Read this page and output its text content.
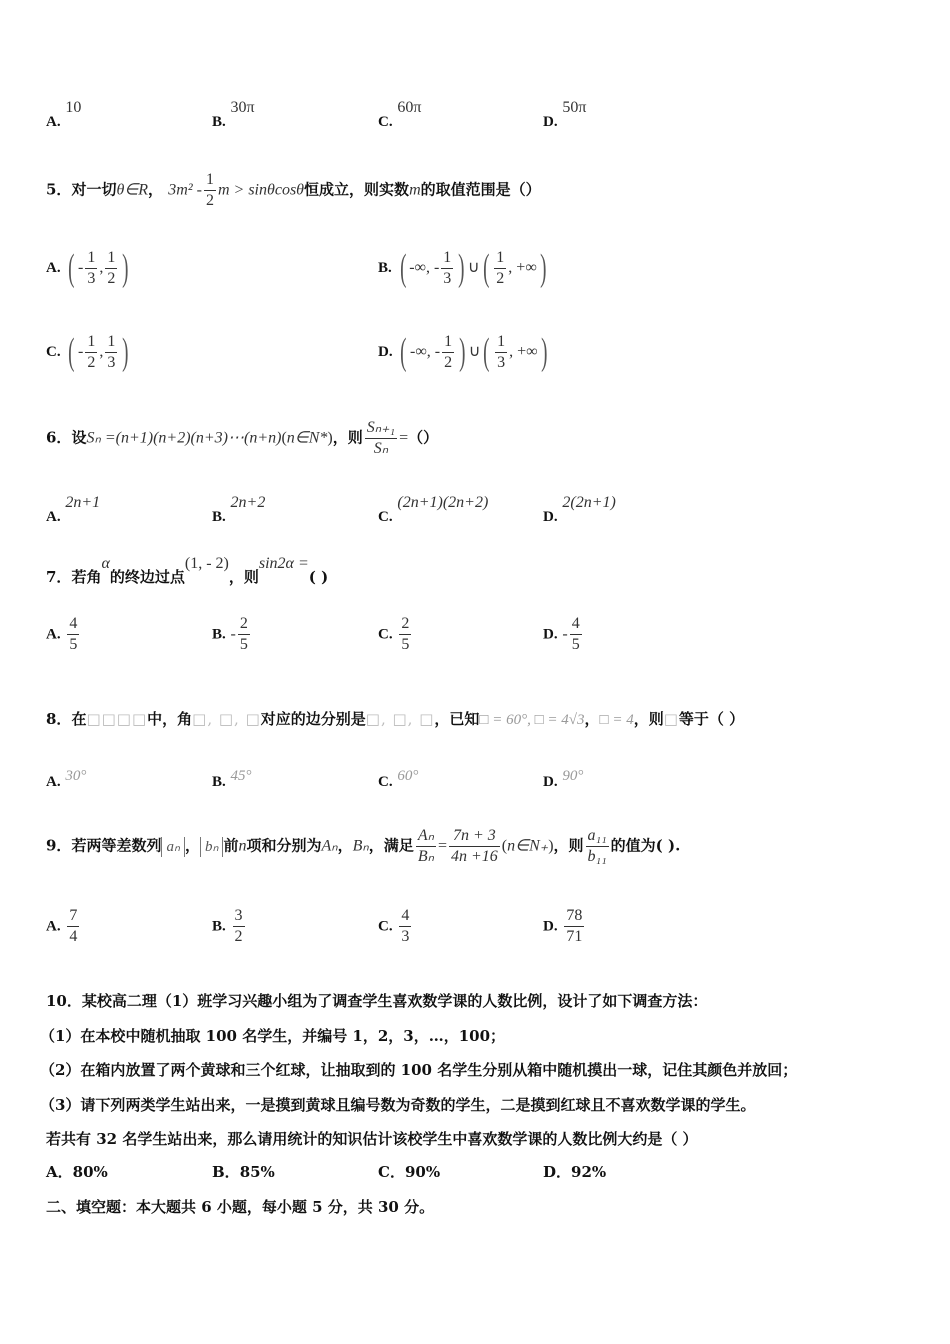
A. 10
B. 30π
C. 60π
D. 50π
5．对一切θ∈R， $3m^2 - \frac{1}{2}$ m > sinθcosθ恒成立，则实数m的取值范围是（）
A. ( - $\frac{1}{3}$ , $\frac{1}{2}$ )	B. ( -∞, - $\frac{1}{3}$ ) ∪( $\frac{1}{2}$ , +∞)
C. ( - $\frac{1}{2}$ , $\frac{1}{3}$ )	D. ( -∞, - $\frac{1}{2}$ ) ∪( $\frac{1}{3}$ , +∞)
6．设Sₙ =(n+1)(n+2)(n+3)⋯(n+n)(n∈N*)，则 $\frac{\text{Sₙ₊₁}}{\text{Sₙ}}$ =（）
A. 2n+1
B. 2n+2
C. (2n+1)(2n+2)
D. 2(2n+1)
7．若角α的终边过点(1, - 2)，则sin2α =( )
A. $\frac{4}{5}$	B. - $\frac{2}{5}$	C. $\frac{2}{5}$	D. - $\frac{4}{5}$
8．在□□□□中，角□, □, □对应的边分别是□, □, □，已知□ = 60°, □ = 4√3，□ = 4，则□等于（ ）
A. 30°	B. 45°	C. 60°	D. 90°
9．若两等差数列 aₙ ， bₙ 前n项和分别为Aₙ，Bₙ，满足 $\frac{\text{Aₙ}}{\text{Bₙ}} = \frac{7n + 3}{4n +16}$ (n∈N₊)，则 $\frac{\text{a₁₁}}{\text{b₁₁}}$ 的值为( ).
A. $\frac{7}{4}$	B. $\frac{3}{2}$	C. $\frac{4}{3}$	D. $\frac{78}{71}$
10．某校高二理（1）班学习兴趣小组为了调查学生喜欢数学课的人数比例，设计了如下调查方法：
（1）在本校中随机抽取 100 名学生，并编号 1，2，3，…，100；
（2）在箱内放置了两个黄球和三个红球，让抽取到的 100 名学生分别从箱中随机摸出一球，记住其颜色并放回；
（3）请下列两类学生站出来，一是摸到黄球且编号数为奇数的学生，二是摸到红球且不喜欢数学课的学生。
若共有 32 名学生站出来，那么请用统计的知识估计该校学生中喜欢数学课的人数比例大约是（ ）
A．80%	B．85%	C．90%	D．92%
二、填空题：本大题共 6 小题，每小题 5 分，共 30 分。
